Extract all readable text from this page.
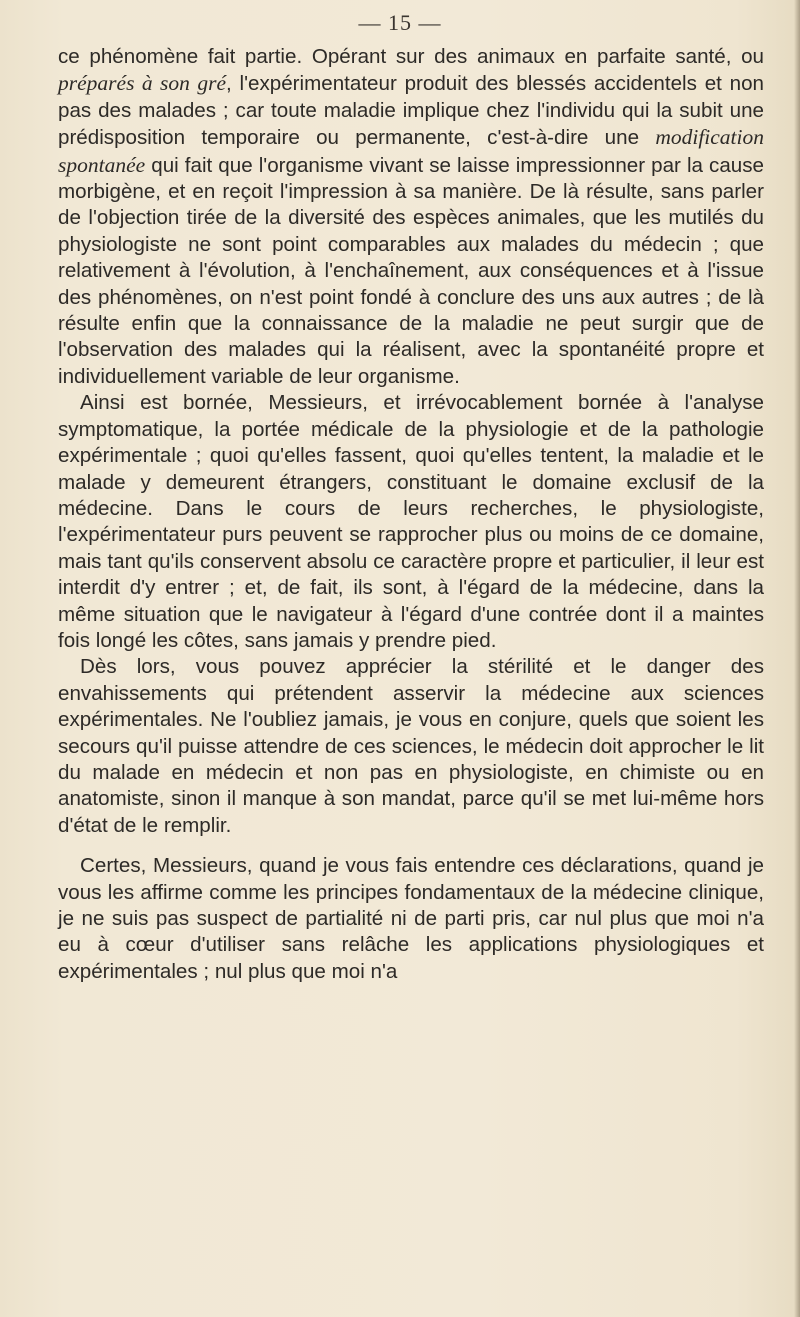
— 15 —

ce phénomène fait partie. Opérant sur des animaux en parfaite santé, ou préparés à son gré, l'expérimentateur produit des blessés accidentels et non pas des malades ; car toute maladie implique chez l'individu qui la subit une prédisposition temporaire ou permanente, c'est-à-dire une modification spontanée qui fait que l'organisme vivant se laisse impressionner par la cause morbigène, et en reçoit l'impression à sa manière. De là résulte, sans parler de l'objection tirée de la diversité des espèces animales, que les mutilés du physiologiste ne sont point comparables aux malades du médecin ; que relativement à l'évolution, à l'enchaînement, aux conséquences et à l'issue des phénomènes, on n'est point fondé à conclure des uns aux autres ; de là résulte enfin que la connaissance de la maladie ne peut surgir que de l'observation des malades qui la réalisent, avec la spontanéité propre et individuellement variable de leur organisme.

Ainsi est bornée, Messieurs, et irrévocablement bornée à l'analyse symptomatique, la portée médicale de la physiologie et de la pathologie expérimentale ; quoi qu'elles fassent, quoi qu'elles tentent, la maladie et le malade y demeurent étrangers, constituant le domaine exclusif de la médecine. Dans le cours de leurs recherches, le physiologiste, l'expérimentateur purs peuvent se rapprocher plus ou moins de ce domaine, mais tant qu'ils conservent absolu ce caractère propre et particulier, il leur est interdit d'y entrer ; et, de fait, ils sont, à l'égard de la médecine, dans la même situation que le navigateur à l'égard d'une contrée dont il a maintes fois longé les côtes, sans jamais y prendre pied.

Dès lors, vous pouvez apprécier la stérilité et le danger des envahissements qui prétendent asservir la médecine aux sciences expérimentales. Ne l'oubliez jamais, je vous en conjure, quels que soient les secours qu'il puisse attendre de ces sciences, le médecin doit approcher le lit du malade en médecin et non pas en physiologiste, en chimiste ou en anatomiste, sinon il manque à son mandat, parce qu'il se met lui-même hors d'état de le remplir.

Certes, Messieurs, quand je vous fais entendre ces déclarations, quand je vous les affirme comme les principes fondamentaux de la médecine clinique, je ne suis pas suspect de partialité ni de parti pris, car nul plus que moi n'a eu à cœur d'utiliser sans relâche les applications physiologiques et expérimentales ; nul plus que moi n'a
